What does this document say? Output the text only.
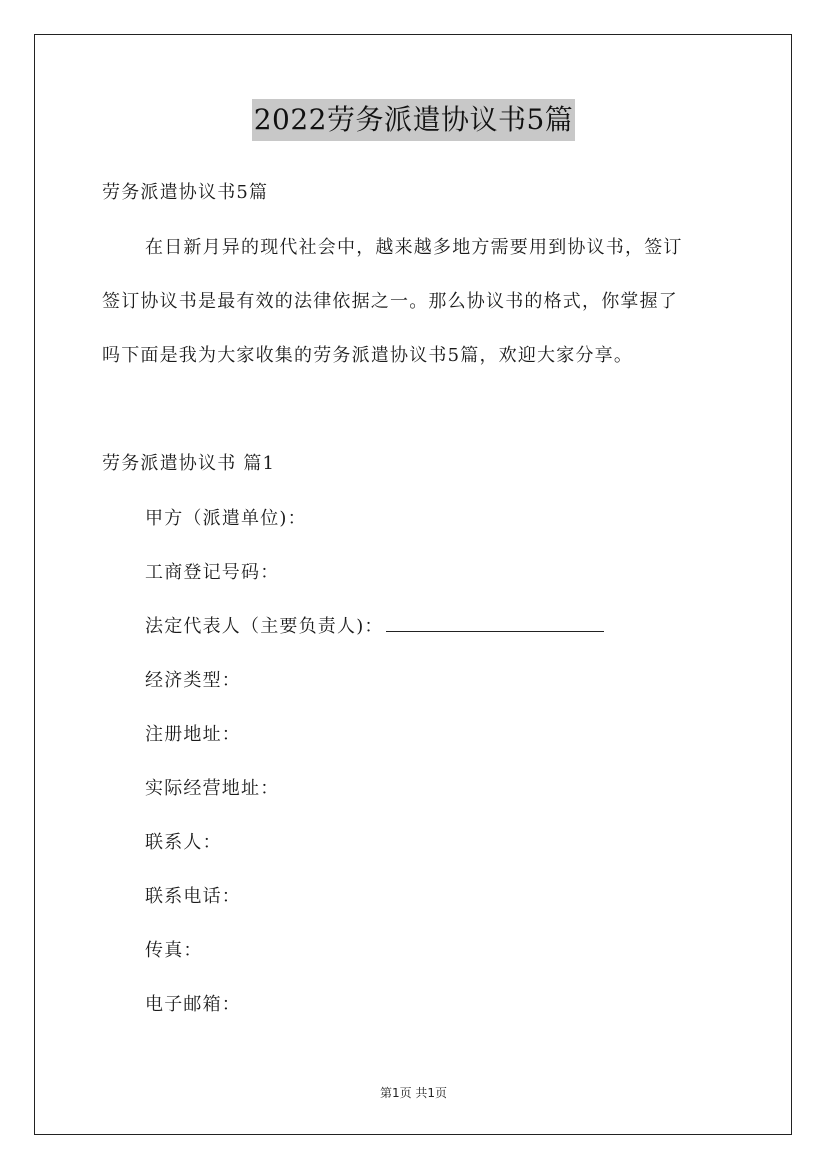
2022劳务派遣协议书5篇
劳务派遣协议书5篇
在日新月异的现代社会中，越来越多地方需要用到协议书，签订
签订协议书是最有效的法律依据之一。那么协议书的格式，你掌握了
吗下面是我为大家收集的劳务派遣协议书5篇，欢迎大家分享。
劳务派遣协议书 篇1
甲方（派遣单位)：
工商登记号码：
法定代表人（主要负责人)：
经济类型：
注册地址：
实际经营地址：
联系人：
联系电话：
传真：
电子邮箱：
第1页 共1页
